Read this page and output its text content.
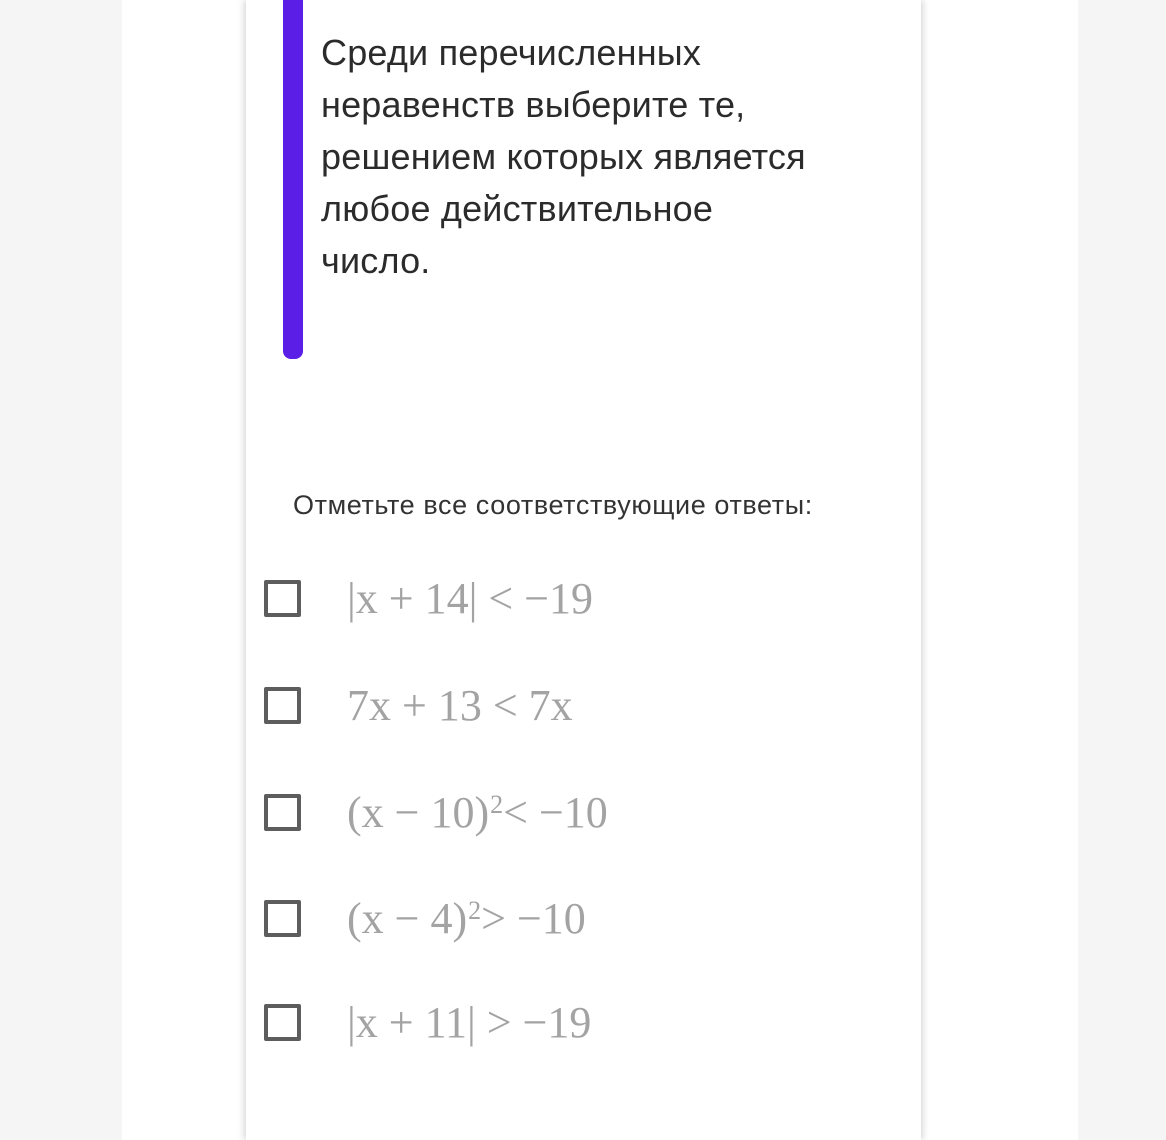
Среди перечисленных
неравенств выберите те,
решением которых является
любое действительное
число.

Отметьте все соответствующие ответы:
|x + 14| < −19
7x + 13 < 7x
$(x - 10)^2 < -10$
$(x - 4)^2 > -10$
|x + 11| > −19
